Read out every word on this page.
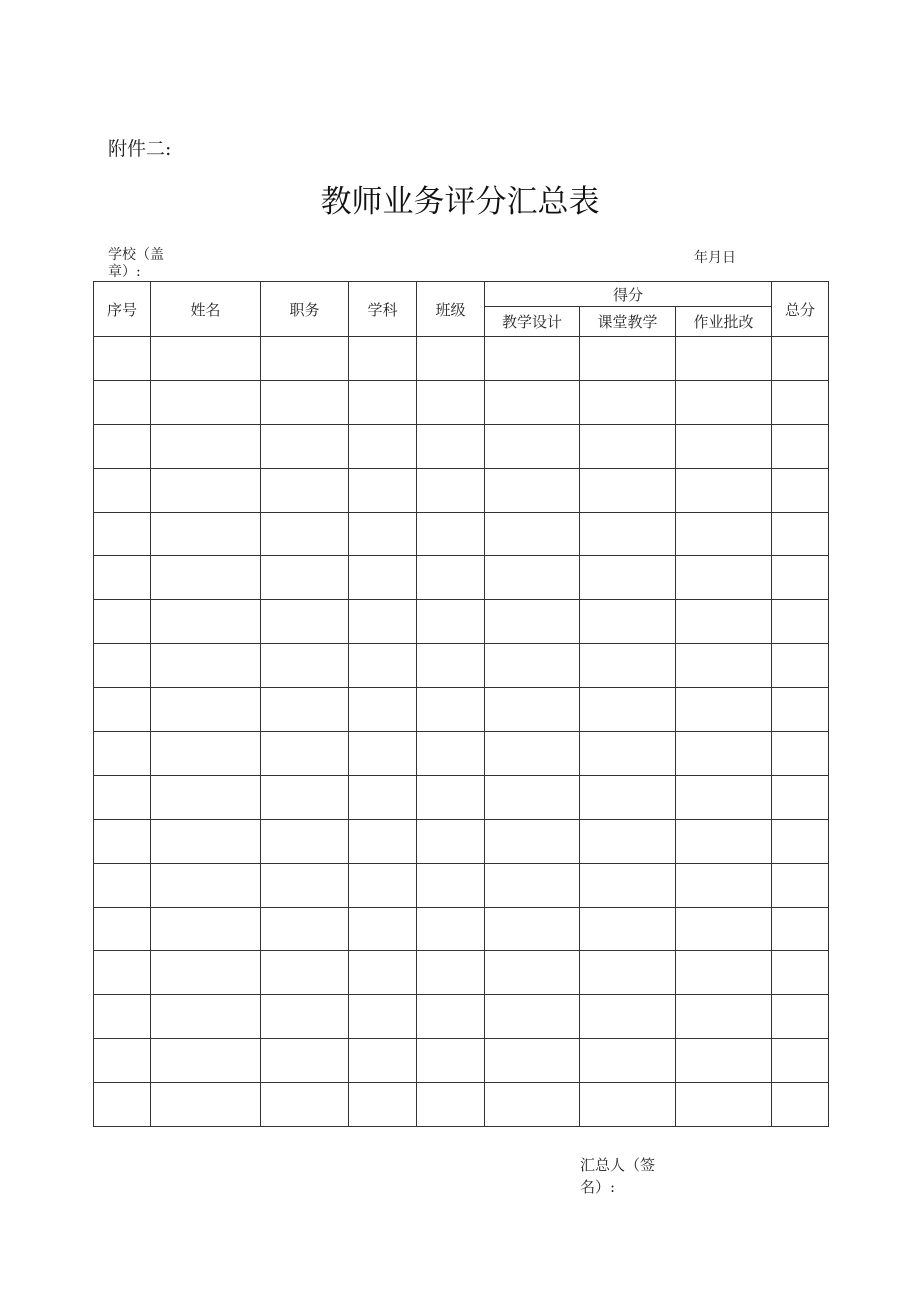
附件二:
教师业务评分汇总表
学校（盖章）:
年月日
序号	姓名	职务	学科	班级	得分			总分
					教学设计	课堂教学	作业批改	

汇总人（签名）:
